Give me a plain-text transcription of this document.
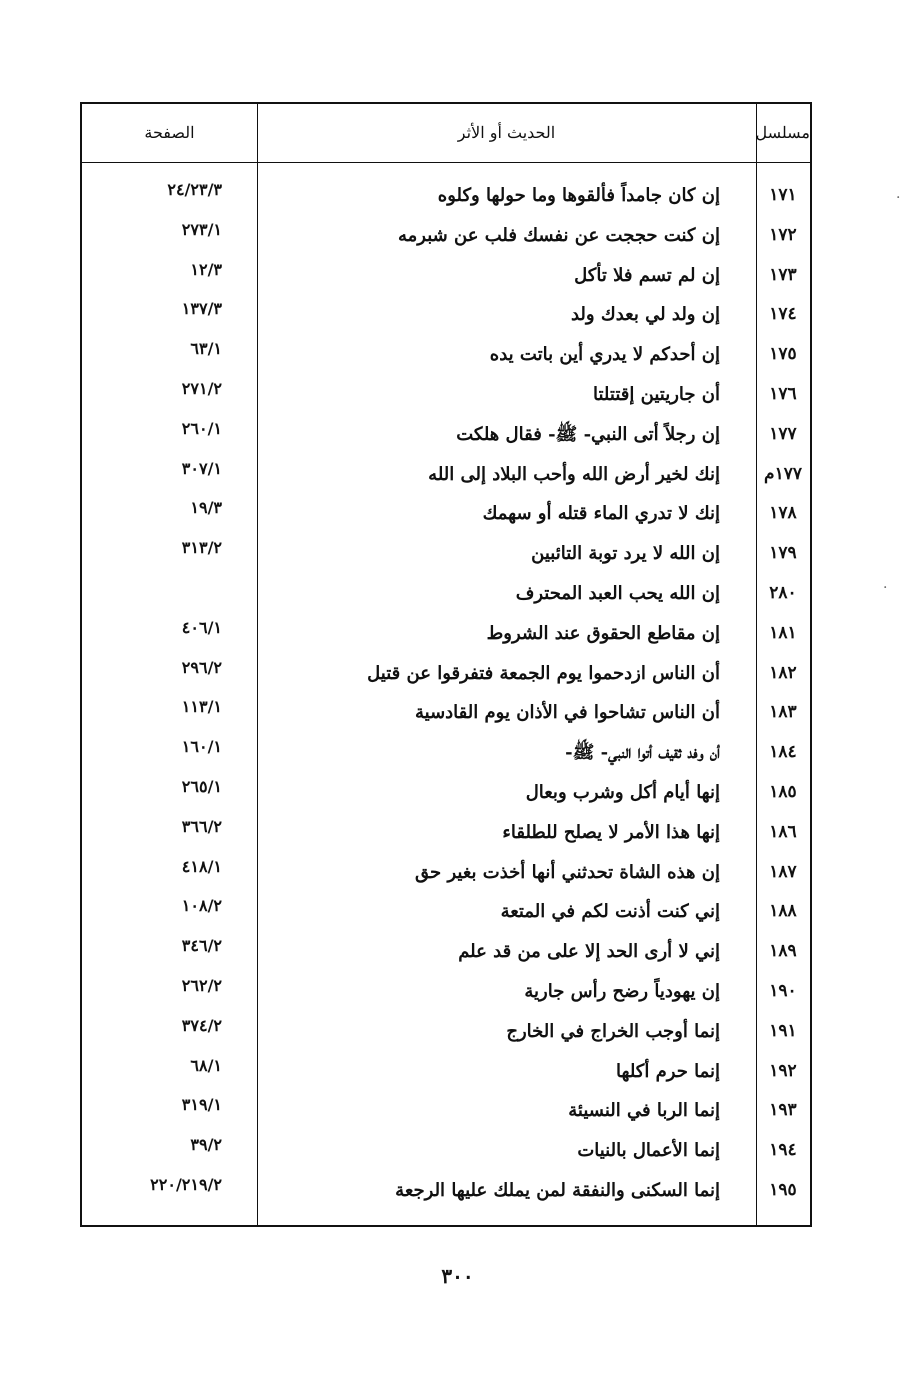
مسلسل
الحديث أو الأثر
الصفحة
١٧١
إن كان جامداً فألقوها وما حولها وكلوه
٢٤/٢٣/٣
١٧٢
إن كنت حججت عن نفسك فلب عن شبرمه
٢٧٣/١
١٧٣
إن لم تسم فلا تأكل
١٢/٣
١٧٤
إن ولد لي بعدك ولد
١٣٧/٣
١٧٥
إن أحدكم لا يدري أين باتت يده
٦٣/١
١٧٦
أن جاريتين إقتتلتا
٢٧١/٢
١٧٧
إن رجلاً أتى النبي- ﷺ- فقال هلكت
٢٦٠/١
١٧٧م
إنك لخير أرض الله وأحب البلاد إلى الله
٣٠٧/١
١٧٨
إنك لا تدري الماء قتله أو سهمك
١٩/٣
١٧٩
إن الله لا يرد توبة التائبين
٣١٣/٢
٢٨٠
إن الله يحب العبد المحترف
١٨١
إن مقاطع الحقوق عند الشروط
٤٠٦/١
١٨٢
أن الناس ازدحموا يوم الجمعة فتفرقوا عن قتيل
٢٩٦/٢
١٨٣
أن الناس تشاحوا في الأذان يوم القادسية
١١٣/١
١٨٤
أن وفد ثقيف أتوا النبي- ﷺ-
١٦٠/١
١٨٥
إنها أيام أكل وشرب وبعال
٢٦٥/١
١٨٦
إنها هذا الأمر لا يصلح للطلقاء
٣٦٦/٢
١٨٧
إن هذه الشاة تحدثني أنها أخذت بغير حق
٤١٨/١
١٨٨
إني كنت أذنت لكم في المتعة
١٠٨/٢
١٨٩
إني لا أرى الحد إلا على من قد علم
٣٤٦/٢
١٩٠
إن يهودياً رضح رأس جارية
٢٦٢/٢
١٩١
إنما أوجب الخراج في الخارج
٣٧٤/٢
١٩٢
إنما حرم أكلها
٦٨/١
١٩٣
إنما الربا في النسيئة
٣١٩/١
١٩٤
إنما الأعمال بالنيات
٣٩/٢
١٩٥
إنما السكنى والنفقة لمن يملك عليها الرجعة
٢٢٠/٢١٩/٢
٣٠٠
·
·
